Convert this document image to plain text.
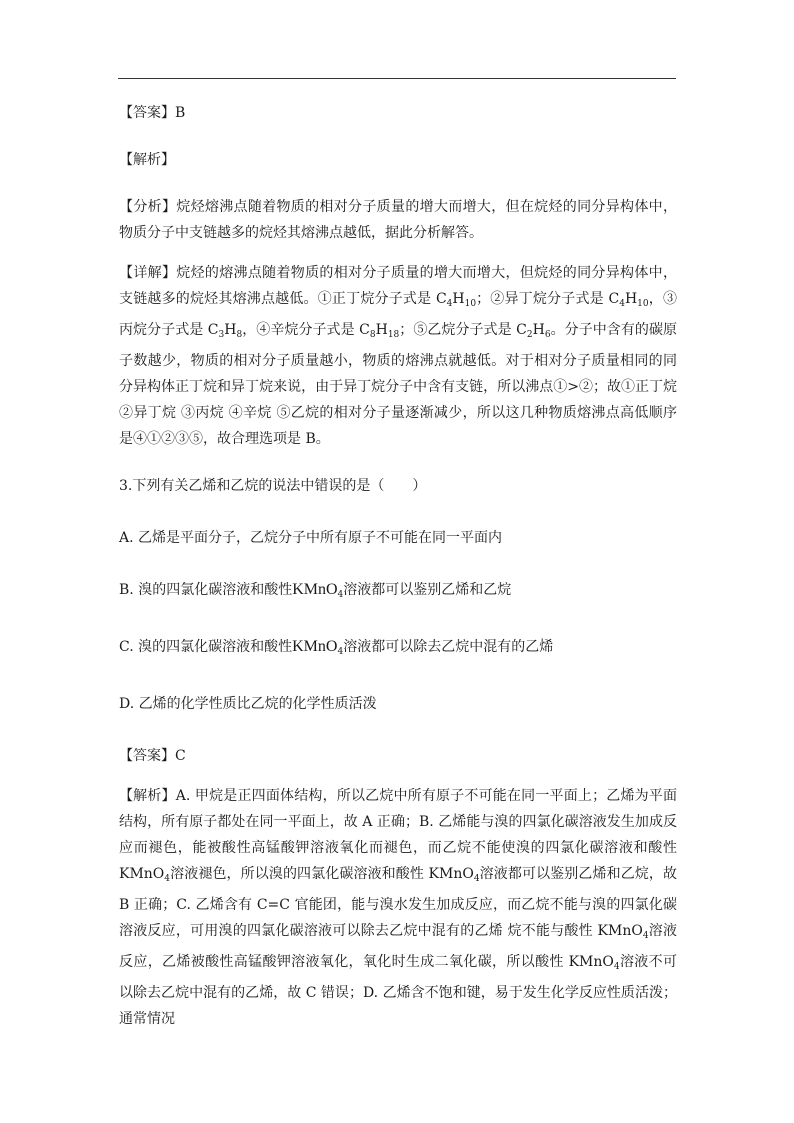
【答案】B

【解析】

【分析】烷烃熔沸点随着物质的相对分子质量的增大而增大，但在烷烃的同分异构体中，物质分子中支链越多的烷烃其熔沸点越低，据此分析解答。

【详解】烷烃的熔沸点随着物质的相对分子质量的增大而增大，但烷烃的同分异构体中，支链越多的烷烃其熔沸点越低。①正丁烷分子式是 $C_4H_{10}$；②异丁烷分子式是 $C_4H_{10}$，③丙烷分子式是 $C_3H_8$，④辛烷分子式是 $C_8H_{18}$；⑤乙烷分子式是 $C_2H_6$。分子中含有的碳原子数越少，物质的相对分子质量越小，物质的熔沸点就越低。对于相对分子质量相同的同分异构体正丁烷和异丁烷来说，由于异丁烷分子中含有支链，所以沸点①>②；故①正丁烷 ②异丁烷 ③丙烷 ④辛烷 ⑤乙烷的相对分子量逐渐减少，所以这几种物质熔沸点高低顺序是④①②③⑤，故合理选项是 B。

3.下列有关乙烯和乙烷的说法中错误的是（　　）

A. 乙烯是平面分子，乙烷分子中所有原子不可能在同一平面内

B. 溴的四氯化碳溶液和酸性KMnO$_4$溶液都可以鉴别乙烯和乙烷

C. 溴的四氯化碳溶液和酸性KMnO$_4$溶液都可以除去乙烷中混有的乙烯

D. 乙烯的化学性质比乙烷的化学性质活泼

【答案】C

【解析】A. 甲烷是正四面体结构，所以乙烷中所有原子不可能在同一平面上；乙烯为平面结构，所有原子都处在同一平面上，故 A 正确；B. 乙烯能与溴的四氯化碳溶液发生加成反应而褪色，能被酸性高锰酸钾溶液氧化而褪色，而乙烷不能使溴的四氯化碳溶液和酸性 KMnO$_4$溶液褪色，所以溴的四氯化碳溶液和酸性 KMnO$_4$溶液都可以鉴别乙烯和乙烷，故 B 正确；C. 乙烯含有 C=C 官能团，能与溴水发生加成反应，而乙烷不能与溴的四氯化碳溶液反应，可用溴的四氯化碳溶液可以除去乙烷中混有的乙烯 烷不能与酸性 KMnO$_4$溶液反应，乙烯被酸性高锰酸钾溶液氧化，氧化时生成二氧化碳，所以酸性 KMnO$_4$溶液不可以除去乙烷中混有的乙烯，故 C 错误；D. 乙烯含不饱和键，易于发生化学反应性质活泼；通常情况
